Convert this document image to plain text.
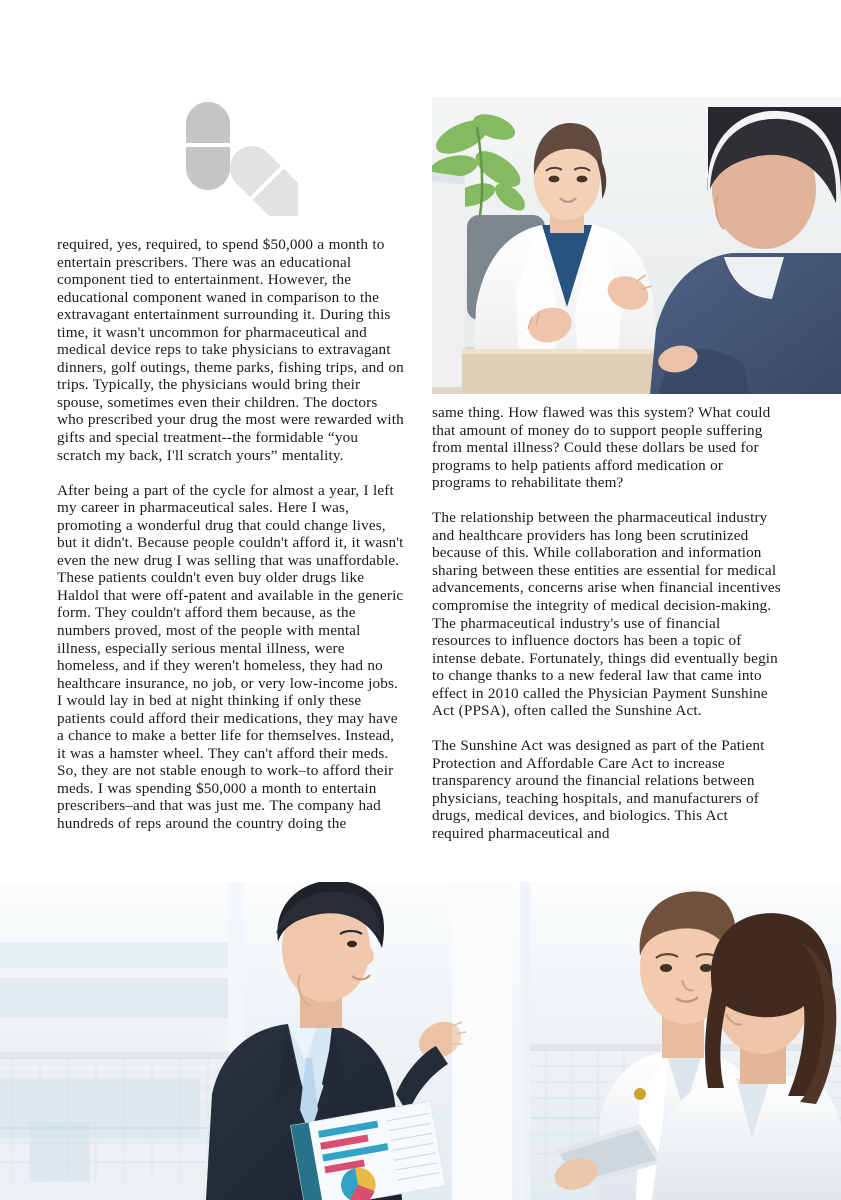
required, yes, required, to spend $50,000 a month to entertain prescribers. There was an educational component tied to entertainment. However, the educational component waned in comparison to the extravagant entertainment surrounding it. During this time, it wasn't uncommon for pharmaceutical and medical device reps to take physicians to extravagant dinners, golf outings, theme parks, fishing trips, and on trips. Typically, the physicians would bring their spouse, sometimes even their children. The doctors who prescribed your drug the most were rewarded with gifts and special treatment--the formidable “you scratch my back, I'll scratch yours” mentality.

After being a part of the cycle for almost a year, I left my career in pharmaceutical sales. Here I was, promoting a wonderful drug that could change lives, but it didn't. Because people couldn't afford it, it wasn't even the new drug I was selling that was unaffordable. These patients couldn't even buy older drugs like Haldol that were off-patent and available in the generic form. They couldn't afford them because, as the numbers proved, most of the people with mental illness, especially serious mental illness, were homeless, and if they weren't homeless, they had no healthcare insurance, no job, or very low-income jobs. I would lay in bed at night thinking if only these patients could afford their medications, they may have a chance to make a better life for themselves. Instead, it was a hamster wheel. They can't afford their meds. So, they are not stable enough to work–to afford their meds. I was spending $50,000 a month to entertain prescribers–and that was just me. The company had hundreds of reps around the country doing the

same thing. How flawed was this system? What could that amount of money do to support people suffering from mental illness? Could these dollars be used for programs to help patients afford medication or programs to rehabilitate them?

The relationship between the pharmaceutical industry and healthcare providers has long been scrutinized because of this. While collaboration and information sharing between these entities are essential for medical advancements, concerns arise when financial incentives compromise the integrity of medical decision-making. The pharmaceutical industry's use of financial resources to influence doctors has been a topic of intense debate. Fortunately, things did eventually begin to change thanks to a new federal law that came into effect in 2010 called the Physician Payment Sunshine Act (PPSA), often called the Sunshine Act.

The Sunshine Act was designed as part of the Patient Protection and Affordable Care Act to increase transparency around the financial relations between physicians, teaching hospitals, and manufacturers of drugs, medical devices, and biologics. This Act required pharmaceutical and
